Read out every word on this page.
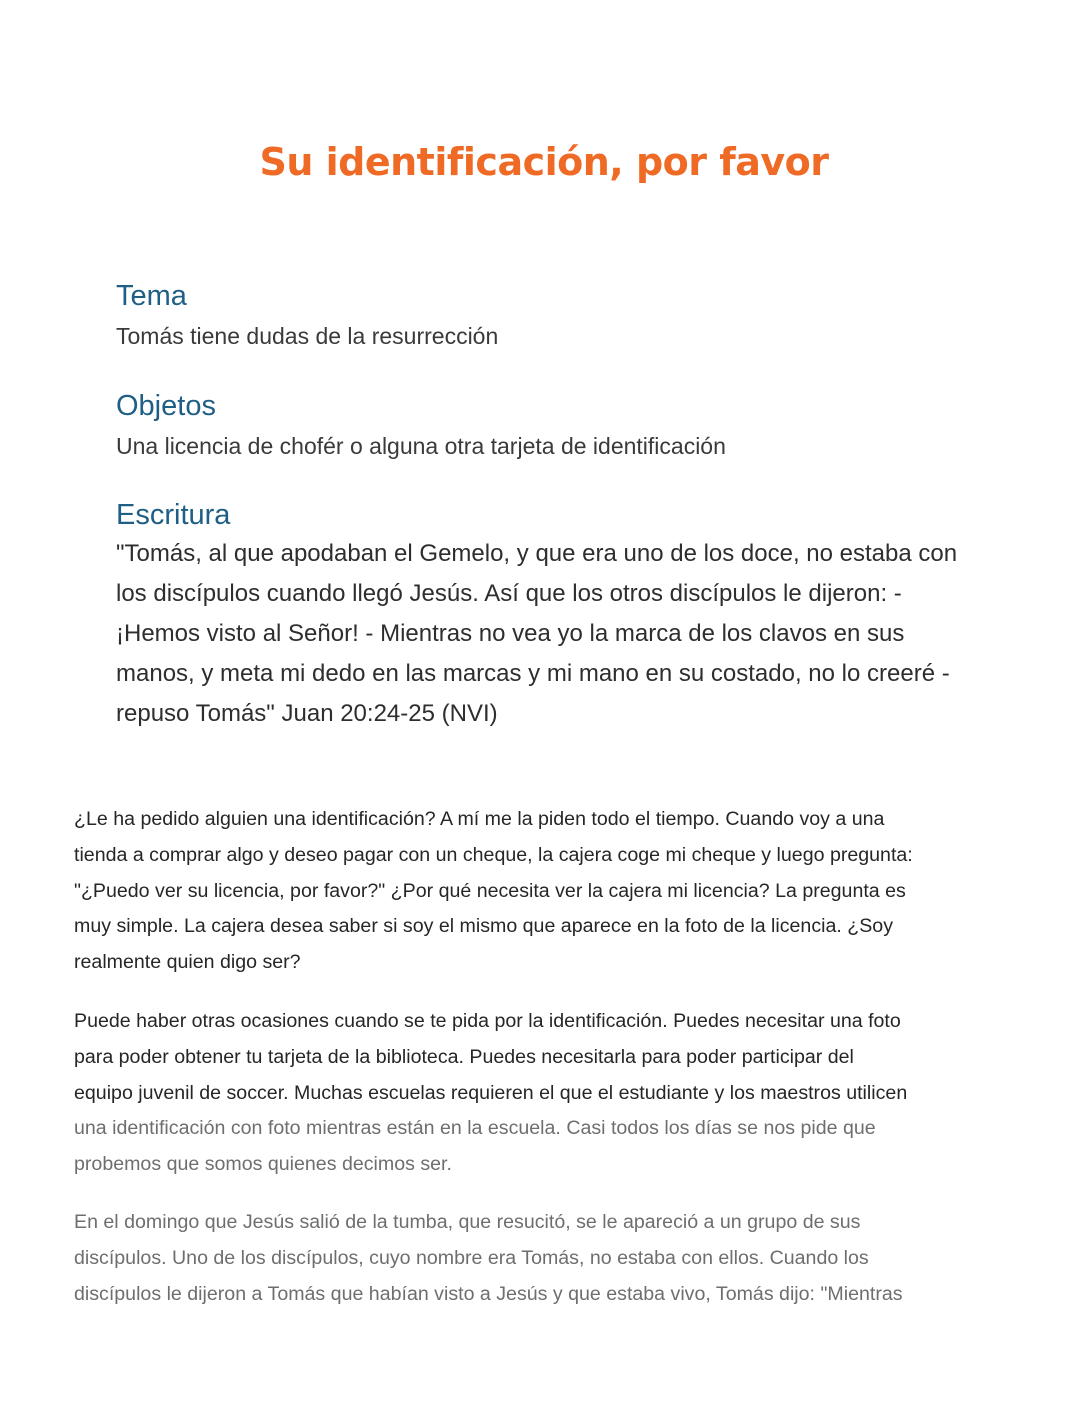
Su identificación, por favor
Tema

Tomás tiene dudas de la resurrección

Objetos

Una licencia de chofér o alguna otra tarjeta de identificación

Escritura
"Tomás, al que apodaban el Gemelo, y que era uno de los doce, no estaba con
los discípulos cuando llegó Jesús. Así que los otros discípulos le dijeron: -
¡Hemos visto al Señor! - Mientras no vea yo la marca de los clavos en sus
manos, y meta mi dedo en las marcas y mi mano en su costado, no lo creeré -
repuso Tomás" Juan 20:24-25 (NVI)
¿Le ha pedido alguien una identificación? A mí me la piden todo el tiempo. Cuando voy a una
tienda a comprar algo y deseo pagar con un cheque, la cajera coge mi cheque y luego pregunta:
"¿Puedo ver su licencia, por favor?" ¿Por qué necesita ver la cajera mi licencia? La pregunta es
muy simple. La cajera desea saber si soy el mismo que aparece en la foto de la licencia. ¿Soy
realmente quien digo ser?
Puede haber otras ocasiones cuando se te pida por la identificación. Puedes necesitar una foto
para poder obtener tu tarjeta de la biblioteca. Puedes necesitarla para poder participar del
equipo juvenil de soccer. Muchas escuelas requieren el que el estudiante y los maestros utilicen
una identificación con foto mientras están en la escuela. Casi todos los días se nos pide que
probemos que somos quienes decimos ser.
En el domingo que Jesús salió de la tumba, que resucitó, se le apareció a un grupo de sus
discípulos. Uno de los discípulos, cuyo nombre era Tomás, no estaba con ellos. Cuando los
discípulos le dijeron a Tomás que habían visto a Jesús y que estaba vivo, Tomás dijo: "Mientras
